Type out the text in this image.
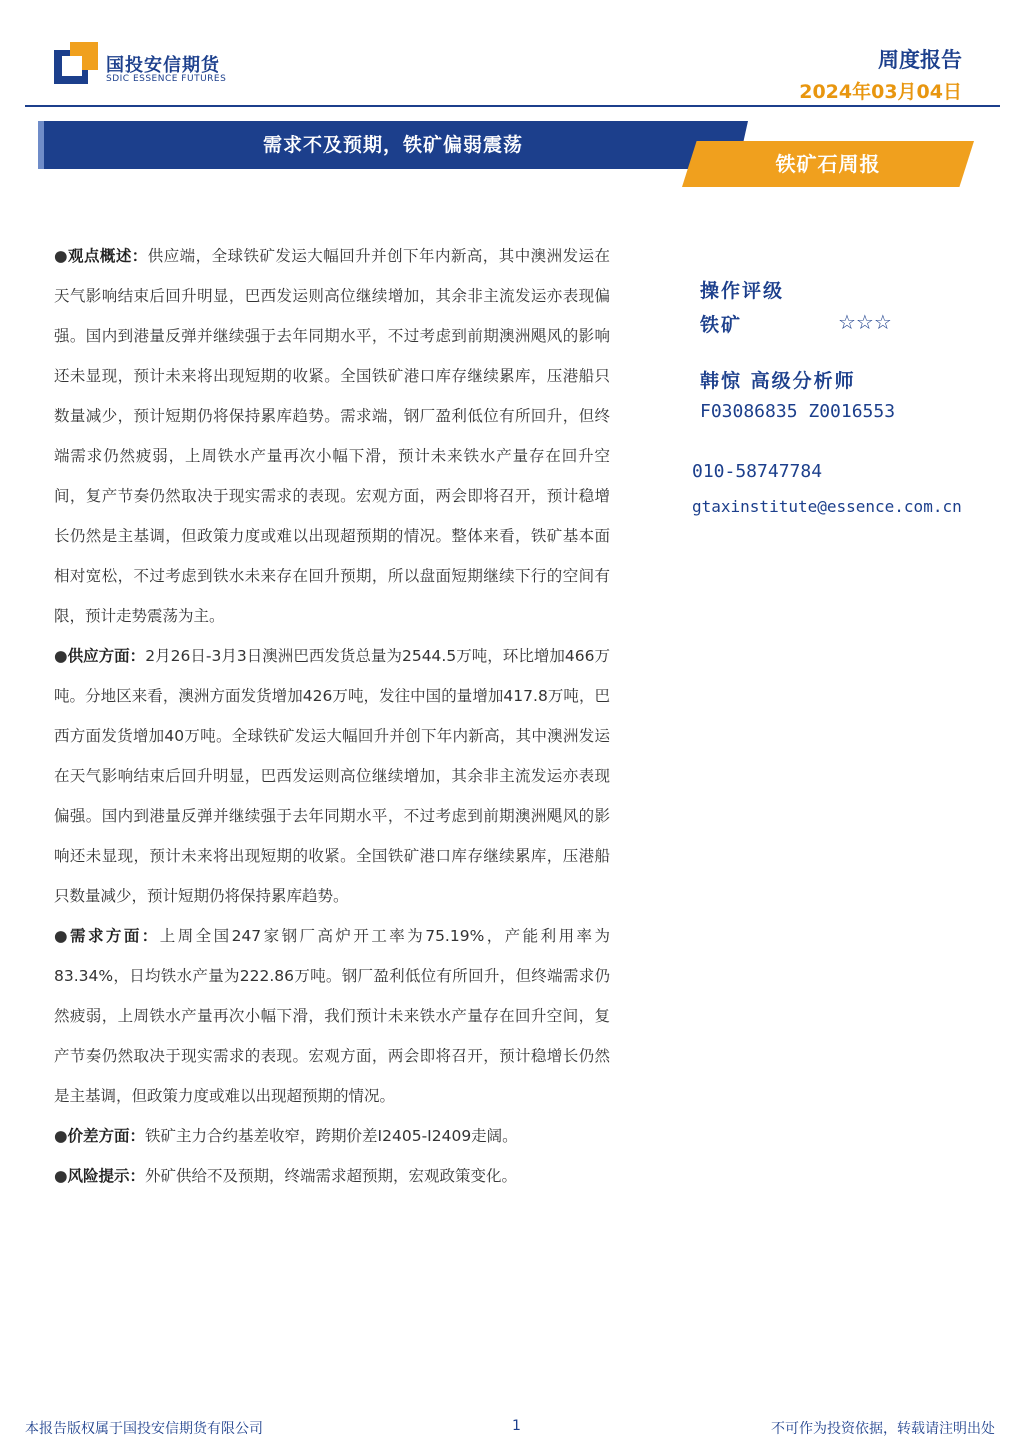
国投安信期货
SDIC ESSENCE FUTURES
周度报告
2024年03月04日
需求不及预期，铁矿偏弱震荡
铁矿石周报

●观点概述：供应端，全球铁矿发运大幅回升并创下年内新高，其中澳洲发运在天气影响结束后回升明显，巴西发运则高位继续增加，其余非主流发运亦表现偏强。国内到港量反弹并继续强于去年同期水平，不过考虑到前期澳洲飓风的影响还未显现，预计未来将出现短期的收紧。全国铁矿港口库存继续累库，压港船只数量减少，预计短期仍将保持累库趋势。需求端，钢厂盈利低位有所回升，但终端需求仍然疲弱，上周铁水产量再次小幅下滑，预计未来铁水产量存在回升空间，复产节奏仍然取决于现实需求的表现。宏观方面，两会即将召开，预计稳增长仍然是主基调，但政策力度或难以出现超预期的情况。整体来看，铁矿基本面相对宽松，不过考虑到铁水未来存在回升预期，所以盘面短期继续下行的空间有限，预计走势震荡为主。

●供应方面：2月26日-3月3日澳洲巴西发货总量为2544.5万吨，环比增加466万吨。分地区来看，澳洲方面发货增加426万吨，发往中国的量增加417.8万吨，巴西方面发货增加40万吨。全球铁矿发运大幅回升并创下年内新高，其中澳洲发运在天气影响结束后回升明显，巴西发运则高位继续增加，其余非主流发运亦表现偏强。国内到港量反弹并继续强于去年同期水平，不过考虑到前期澳洲飓风的影响还未显现，预计未来将出现短期的收紧。全国铁矿港口库存继续累库，压港船只数量减少，预计短期仍将保持累库趋势。

●需求方面：上周全国247家钢厂高炉开工率为75.19%，产能利用率为83.34%，日均铁水产量为222.86万吨。钢厂盈利低位有所回升，但终端需求仍然疲弱，上周铁水产量再次小幅下滑，我们预计未来铁水产量存在回升空间，复产节奏仍然取决于现实需求的表现。宏观方面，两会即将召开，预计稳增长仍然是主基调，但政策力度或难以出现超预期的情况。

●价差方面：铁矿主力合约基差收窄，跨期价差I2405-I2409走阔。

●风险提示：外矿供给不及预期，终端需求超预期，宏观政策变化。

操作评级
铁矿	☆☆☆
韩惊 高级分析师
F03086835 Z0016553
010-58747784
gtaxinstitute@essence.com.cn
本报告版权属于国投安信期货有限公司	1	不可作为投资依据，转载请注明出处
